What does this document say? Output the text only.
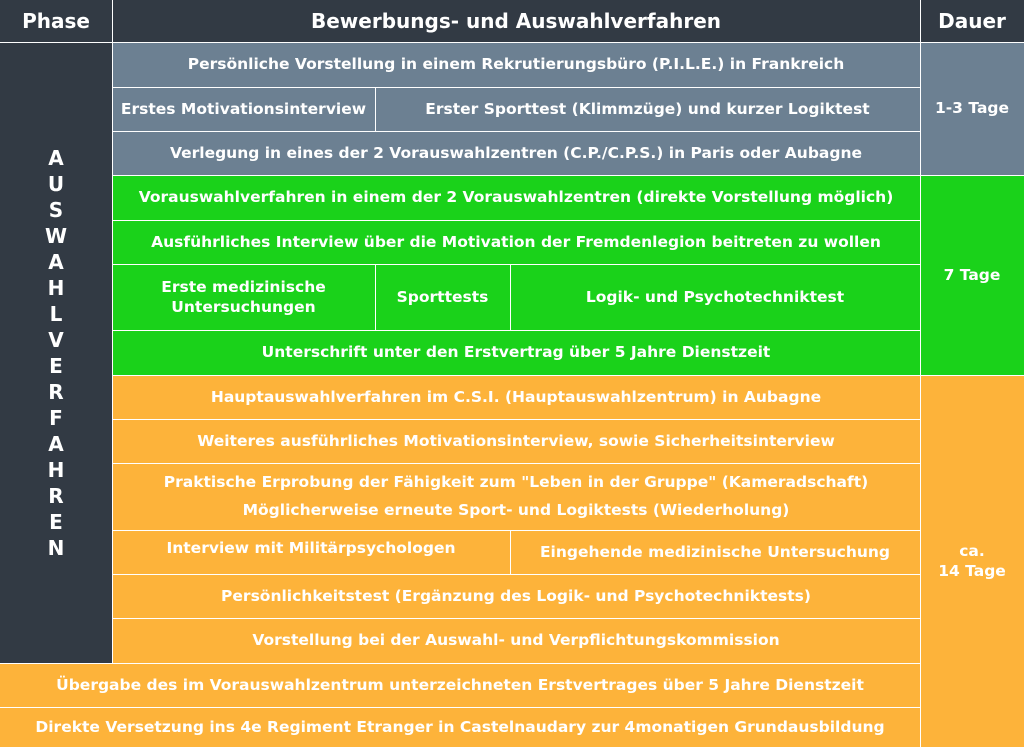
Phase	Bewerbungs- und Auswahlverfahren	Dauer
A
U
S
W
A
H
L
V
E
R
F
A
H
R
E
N
Persönliche Vorstellung in einem Rekrutierungsbüro (P.I.L.E.) in Frankreich
Erstes Motivationsinterview	Erster Sporttest (Klimmzüge) und kurzer Logiktest
Verlegung in eines der 2 Vorauswahlzentren (C.P./C.P.S.) in Paris oder Aubagne
1-3 Tage
Vorauswahlverfahren in einem der 2 Vorauswahlzentren (direkte Vorstellung möglich)
Ausführliches Interview über die Motivation der Fremdenlegion beitreten zu wollen
Erste medizinische
Untersuchungen
Sporttests	Logik- und Psychotechniktest
Unterschrift unter den Erstvertrag über 5 Jahre Dienstzeit
7 Tage
Hauptauswahlverfahren im C.S.I. (Hauptauswahlzentrum) in Aubagne
Weiteres ausführliches Motivationsinterview, sowie Sicherheitsinterview
Praktische Erprobung der Fähigkeit zum "Leben in der Gruppe" (Kameradschaft)
Möglicherweise erneute Sport- und Logiktests (Wiederholung)
Interview mit Militärpsychologen	Eingehende medizinische Untersuchung
Persönlichkeitstest (Ergänzung des Logik- und Psychotechniktests)
Vorstellung bei der Auswahl- und Verpflichtungskommission
Übergabe des im Vorauswahlzentrum unterzeichneten Erstvertrages über 5 Jahre Dienstzeit
Direkte Versetzung ins 4e Regiment Etranger in Castelnaudary zur 4monatigen Grundausbildung
ca.
14 Tage
